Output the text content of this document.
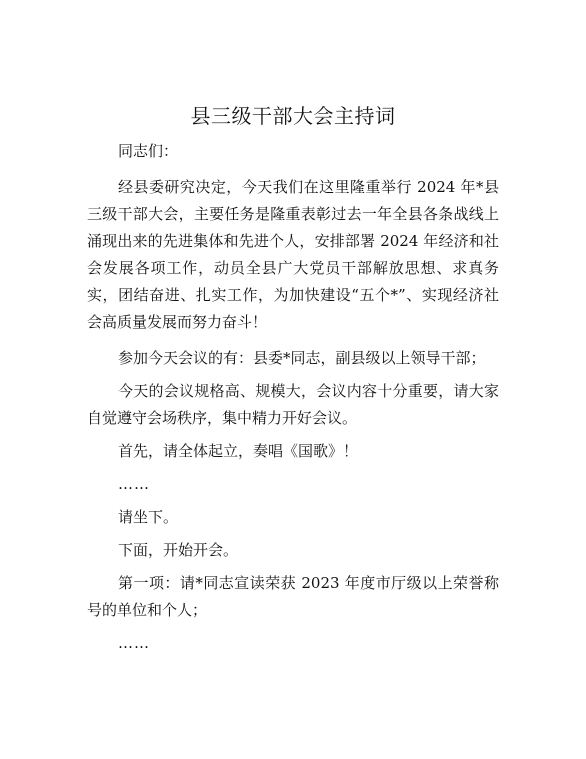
县三级干部大会主持词

同志们：

经县委研究决定，今天我们在这里隆重举行 2024 年*县三级干部大会，主要任务是隆重表彰过去一年全县各条战线上涌现出来的先进集体和先进个人，安排部署 2024 年经济和社会发展各项工作，动员全县广大党员干部解放思想、求真务实，团结奋进、扎实工作，为加快建设“五个*”、实现经济社会高质量发展而努力奋斗！

参加今天会议的有：县委*同志，副县级以上领导干部；

今天的会议规格高、规模大，会议内容十分重要，请大家自觉遵守会场秩序，集中精力开好会议。

首先，请全体起立，奏唱《国歌》！

……

请坐下。

下面，开始开会。

第一项：请*同志宣读荣获 2023 年度市厅级以上荣誉称号的单位和个人；

……
